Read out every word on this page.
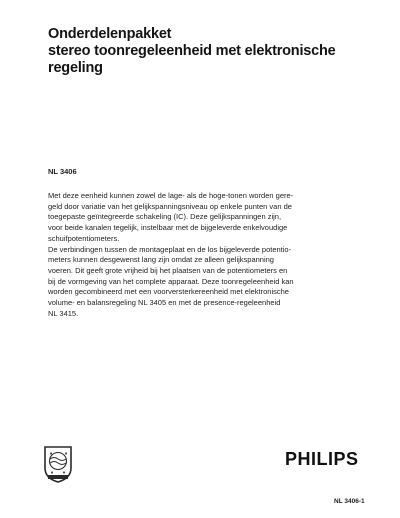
Onderdelenpakket
stereo toonregeleenheid met elektronische
regeling
NL 3406
Met deze eenheid kunnen zowel de lage- als de hoge-tonen worden gere-
geld door variatie van het gelijkspanningsniveau op enkele punten van de
toegepaste geïntegreerde schakeling (IC). Deze gelijkspanningen zijn,
voor beide kanalen tegelijk, instelbaar met de bijgeleverde enkelvoudige
schuifpotentiometers.
De verbindingen tussen de montageplaat en de los bijgeleverde potentio-
meters kunnen desgewenst lang zijn omdat ze alleen gelijkspanning
voeren. Dit geeft grote vrijheid bij het plaatsen van de potentiometers en
bij de vormgeving van het complete apparaat. Deze toonregeleenheid kan
worden gecombineerd met een voorversterkereenheid met elektronische
volume- en balansregeling NL 3405 en met de presence-regeleenheid
NL 3415.
PHILIPS
NL 3406-1
